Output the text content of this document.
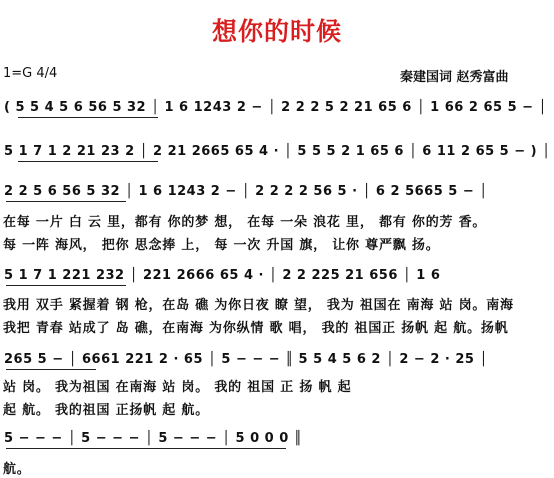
想你的时候
1=G 4/4	秦建国词 赵秀富曲
( 5 5 4 5 6 56 5 32 │ 1 6 1243 2 − │ 2 2 2 5 2 21 65 6 │ 1 66 2 65 5 − │
5 1 7 1 2 21 23 2 │ 2 21 2665 65 4 · │ 5 5 5 2 1 65 6 │ 6 11 2 65 5 − ) │
2 2 5 6 56 5 32 │ 1 6 1243 2 − │ 2 2 2 2 56 5 · │ 6 2 5665 5 − │
在每 一片 白 云 里，都有 你的梦 想， 在每 一朵 浪花 里， 都有 你的芳 香。
每 一阵 海风， 把你 思念捧 上， 每 一次 升国 旗， 让你 尊严飘 扬。
5 1 7 1 221 232 │ 221 2666 65 4 · │ 2 2 225 21 656 │ 1 6
我用 双手 紧握着 钢 枪，在岛 礁 为你日夜 瞭 望， 我为 祖国在 南海 站 岗。南海
我把 青春 站成了 岛 礁，在南海 为你纵情 歌 唱， 我的 祖国正 扬帆 起 航。扬帆
265 5 − │ 6661 221 2 · 65 │ 5 − − − ║ 5 5 4 5 6 2 │ 2 − 2 · 25 │
站 岗。 我为祖国 在南海 站 岗。 我的 祖国 正 扬 帆 起
起 航。 我的祖国 正扬帆 起 航。
5 − − − │ 5 − − − │ 5 − − − │ 5 0 0 0 ║
航。
